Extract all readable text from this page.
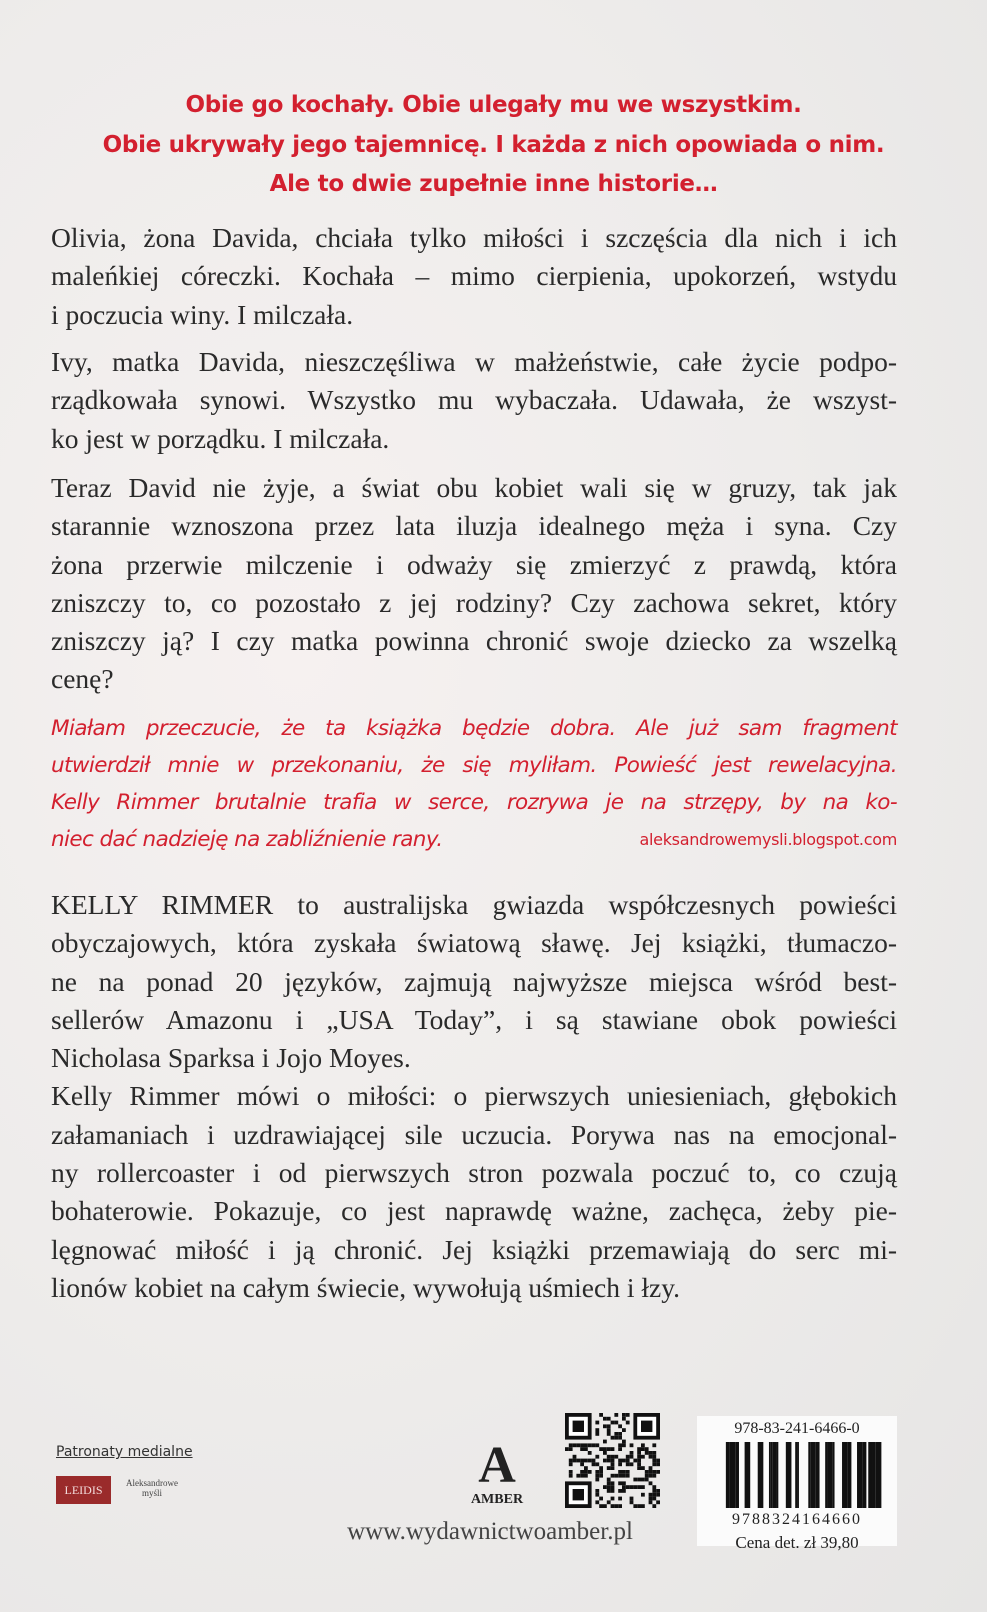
Obie go kochały. Obie ulegały mu we wszystkim.
Obie ukrywały jego tajemnicę. I każda z nich opowiada o nim.
Ale to dwie zupełnie inne historie…
Olivia, żona Davida, chciała tylko miłości i szczęścia dla nich i ich
maleńkiej córeczki. Kochała – mimo cierpienia, upokorzeń, wstydu
i poczucia winy. I milczała.
Ivy, matka Davida, nieszczęśliwa w małżeństwie, całe życie podpo-
rządkowała synowi. Wszystko mu wybaczała. Udawała, że wszyst-
ko jest w porządku. I milczała.
Teraz David nie żyje, a świat obu kobiet wali się w gruzy, tak jak
starannie wznoszona przez lata iluzja idealnego męża i syna. Czy
żona przerwie milczenie i odważy się zmierzyć z prawdą, która
zniszczy to, co pozostało z jej rodziny? Czy zachowa sekret, który
zniszczy ją? I czy matka powinna chronić swoje dziecko za wszelką
cenę?
Miałam przeczucie, że ta książka będzie dobra. Ale już sam fragment
utwierdził mnie w przekonaniu, że się myliłam. Powieść jest rewelacyjna.
Kelly Rimmer brutalnie trafia w serce, rozrywa je na strzępy, by na ko-
niec dać nadzieję na zabliźnienie rany.	aleksandrowemysli.blogspot.com
KELLY RIMMER to australijska gwiazda współczesnych powieści
obyczajowych, która zyskała światową sławę. Jej książki, tłumaczo-
ne na ponad 20 języków, zajmują najwyższe miejsca wśród best-
sellerów Amazonu i „USA Today”, i są stawiane obok powieści
Nicholasa Sparksa i Jojo Moyes.
Kelly Rimmer mówi o miłości: o pierwszych uniesieniach, głębokich
załamaniach i uzdrawiającej sile uczucia. Porywa nas na emocjonal-
ny rollercoaster i od pierwszych stron pozwala poczuć to, co czują
bohaterowie. Pokazuje, co jest naprawdę ważne, zachęca, żeby pie-
lęgnować miłość i ją chronić. Jej książki przemawiają do serc mi-
lionów kobiet na całym świecie, wywołują uśmiech i łzy.
Patronaty medialne
LEIDIS	Aleksandrowe myśli	A
AMBER
978-83-241-6466-0
9788324164660
Cena det. zł 39,80
www.wydawnictwoamber.pl
